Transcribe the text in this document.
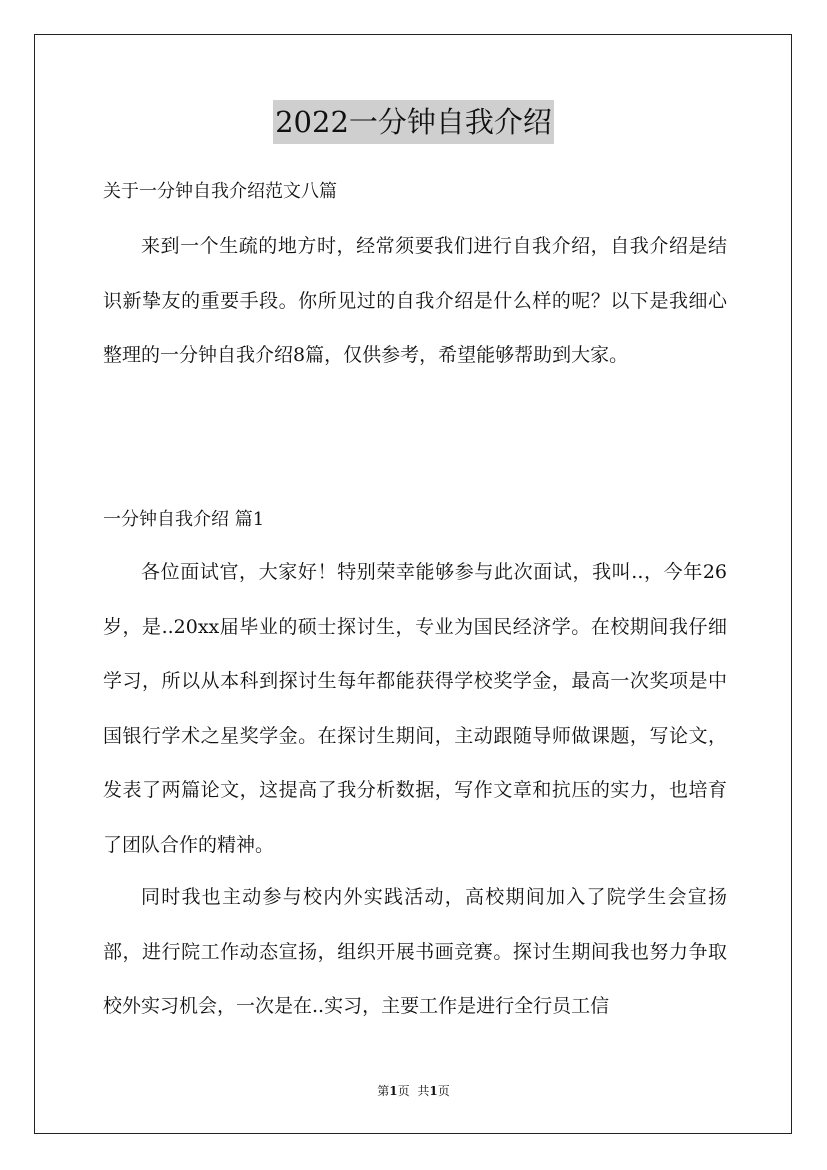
2022一分钟自我介绍
关于一分钟自我介绍范文八篇

来到一个生疏的地方时，经常须要我们进行自我介绍，自我介绍是结识新挚友的重要手段。你所见过的自我介绍是什么样的呢？以下是我细心整理的一分钟自我介绍8篇，仅供参考，希望能够帮助到大家。

一分钟自我介绍 篇1

各位面试官，大家好！特别荣幸能够参与此次面试，我叫..，今年26岁，是..20xx届毕业的硕士探讨生，专业为国民经济学。在校期间我仔细学习，所以从本科到探讨生每年都能获得学校奖学金，最高一次奖项是中国银行学术之星奖学金。在探讨生期间，主动跟随导师做课题，写论文，发表了两篇论文，这提高了我分析数据，写作文章和抗压的实力，也培育了团队合作的精神。

同时我也主动参与校内外实践活动，高校期间加入了院学生会宣扬部，进行院工作动态宣扬，组织开展书画竞赛。探讨生期间我也努力争取校外实习机会，一次是在..实习，主要工作是进行全行员工信

第1页 共1页
